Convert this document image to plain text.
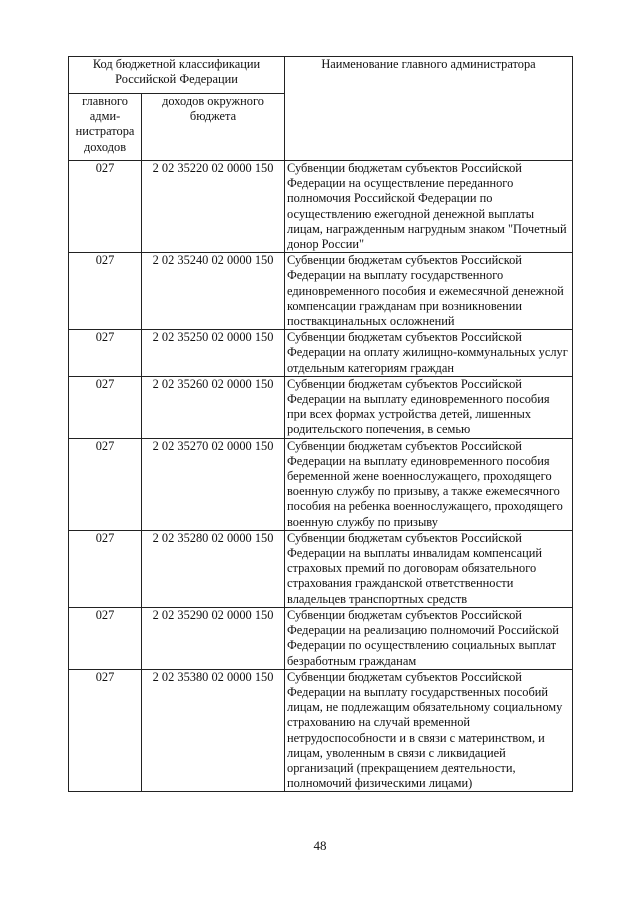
Код бюджетной классификации Российской Федерации		Наименование главного администратора
главного адми-нистратора доходов	доходов окружного бюджета	
027	2 02 35220 02 0000 150	Субвенции бюджетам субъектов Российской Федерации на осуществление переданного полномочия Российской Федерации по осуществлению ежегодной денежной выплаты лицам, награжденным нагрудным знаком "Почетный донор России"
027	2 02 35240 02 0000 150	Субвенции бюджетам субъектов Российской Федерации на выплату государственного единовременного пособия и ежемесячной денежной компенсации гражданам при возникновении поствакцинальных осложнений
027	2 02 35250 02 0000 150	Субвенции бюджетам субъектов Российской Федерации на оплату жилищно-коммунальных услуг отдельным категориям граждан
027	2 02 35260 02 0000 150	Субвенции бюджетам субъектов Российской Федерации на выплату единовременного пособия при всех формах устройства детей, лишенных родительского попечения, в семью
027	2 02 35270 02 0000 150	Субвенции бюджетам субъектов Российской Федерации на выплату единовременного пособия беременной жене военнослужащего, проходящего военную службу по призыву, а также ежемесячного пособия на ребенка военнослужащего, проходящего военную службу по призыву
027	2 02 35280 02 0000 150	Субвенции бюджетам субъектов Российской Федерации на выплаты инвалидам компенсаций страховых премий по договорам обязательного страхования гражданской ответственности владельцев транспортных средств
027	2 02 35290 02 0000 150	Субвенции бюджетам субъектов Российской Федерации на реализацию полномочий Российской Федерации по осуществлению социальных выплат безработным гражданам
027	2 02 35380 02 0000 150	Субвенции бюджетам субъектов Российской Федерации на выплату государственных пособий лицам, не подлежащим обязательному социальному страхованию на случай временной нетрудоспособности и в связи с материнством, и лицам, уволенным в связи с ликвидацией организаций (прекращением деятельности, полномочий физическими лицами)
48
